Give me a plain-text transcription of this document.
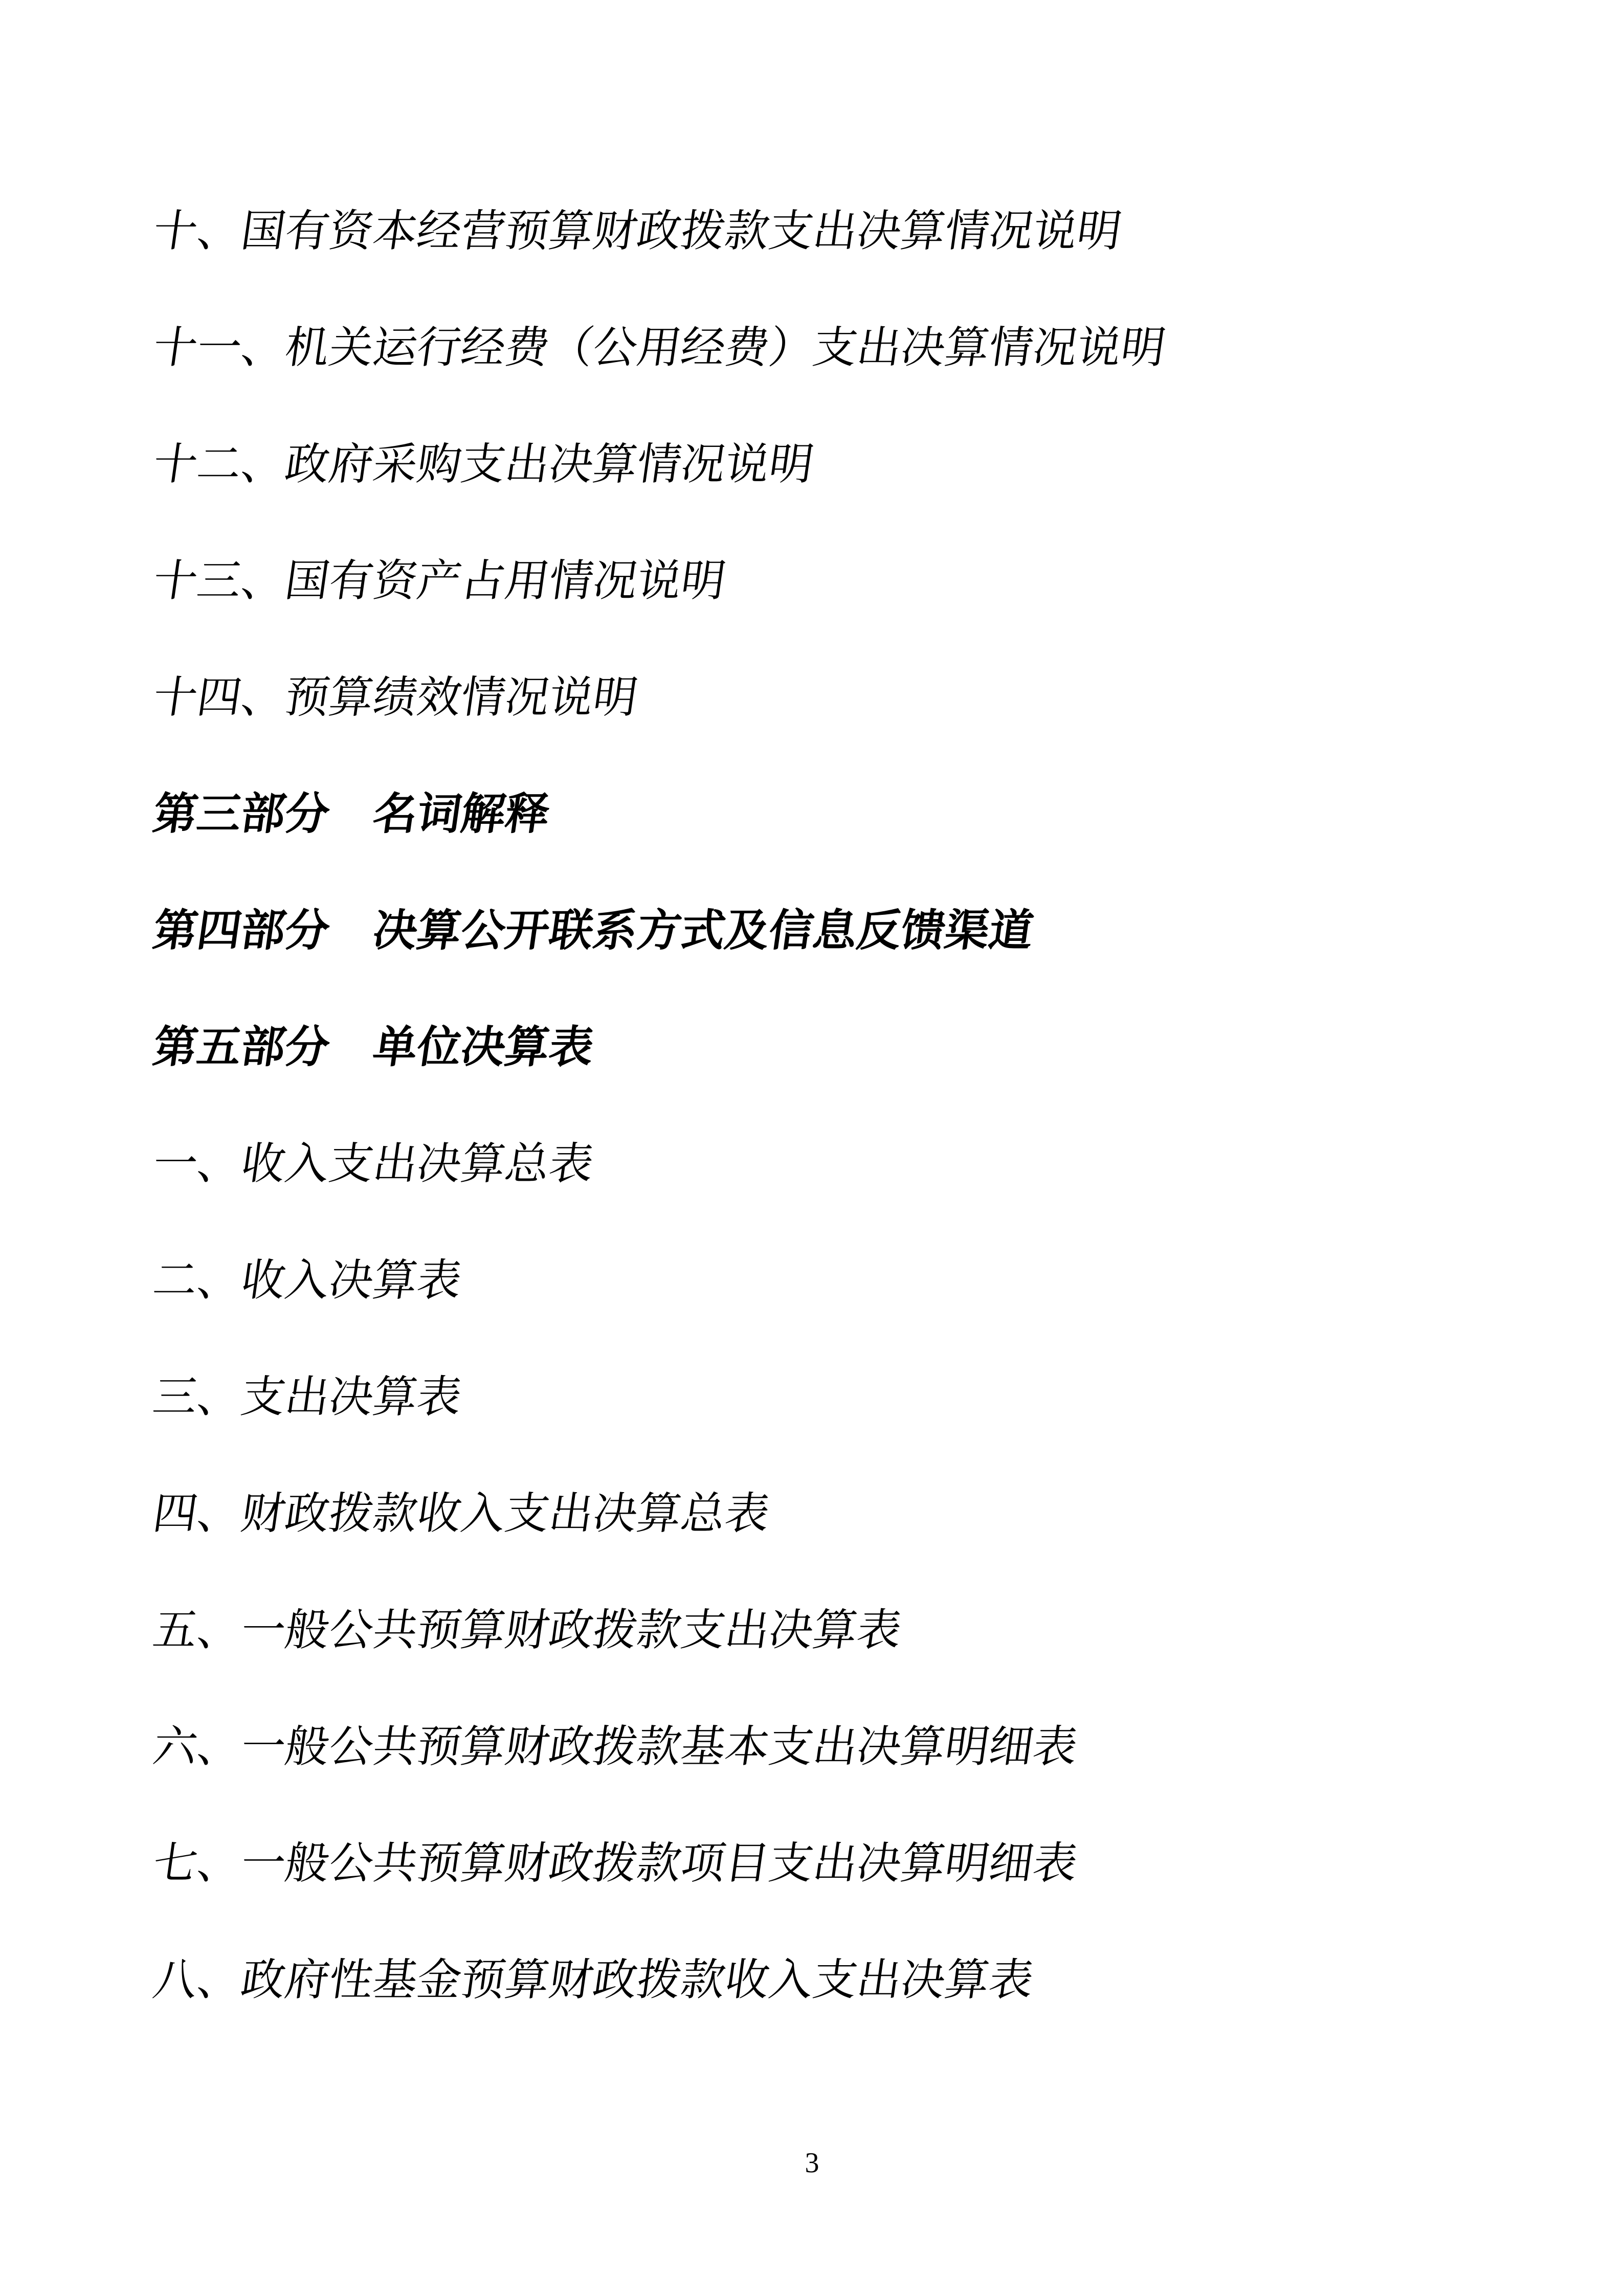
十、国有资本经营预算财政拨款支出决算情况说明
十一、机关运行经费（公用经费）支出决算情况说明
十二、政府采购支出决算情况说明
十三、国有资产占用情况说明
十四、预算绩效情况说明
第三部分　名词解释
第四部分　决算公开联系方式及信息反馈渠道
第五部分　单位决算表
一、收入支出决算总表
二、收入决算表
三、支出决算表
四、财政拨款收入支出决算总表
五、一般公共预算财政拨款支出决算表
六、一般公共预算财政拨款基本支出决算明细表
七、一般公共预算财政拨款项目支出决算明细表
八、政府性基金预算财政拨款收入支出决算表
3
